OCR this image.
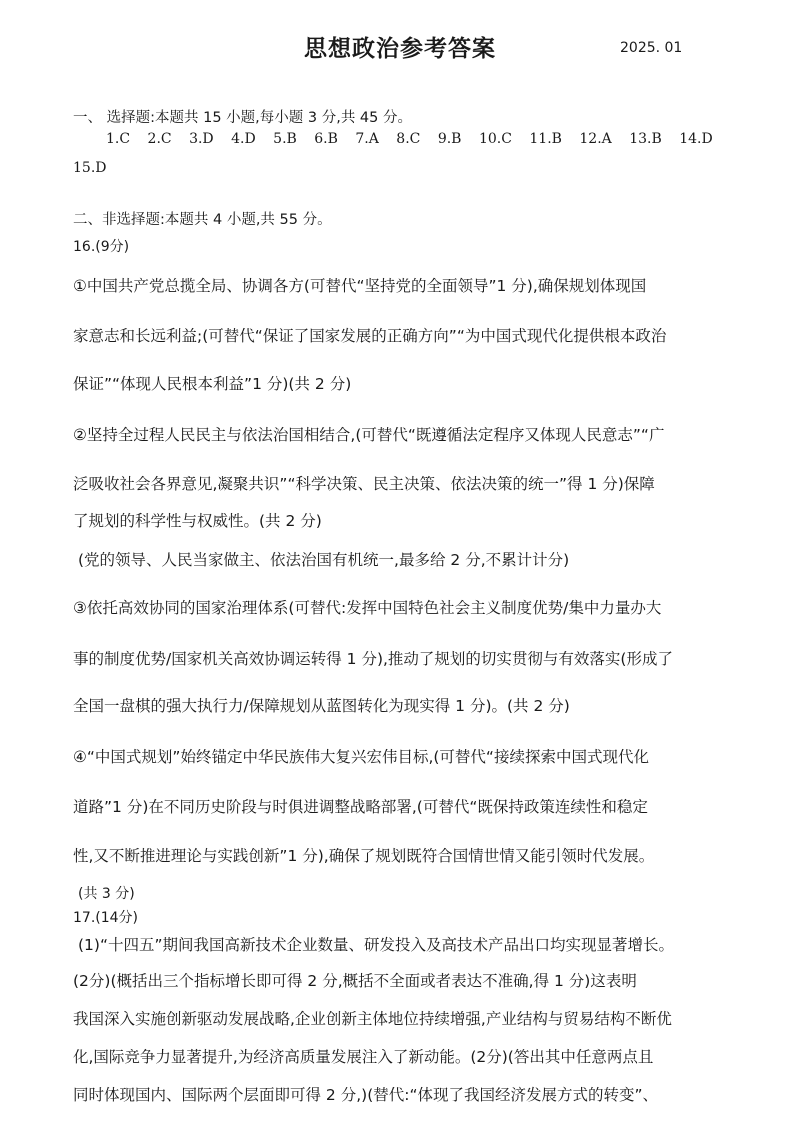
思想政治参考答案	2025. 01
一、 选择题:本题共 15 小题,每小题 3 分,共 45 分。
1.C 2.C 3.D 4.D 5.B 6.B 7.A 8.C 9.B 10.C 11.B 12.A 13.B 14.D
15.D
二、非选择题:本题共 4 小题,共 55 分。
16.(9分)
①中国共产党总揽全局、协调各方(可替代“坚持党的全面领导”1 分),确保规划体现国
家意志和长远利益;(可替代“保证了国家发展的正确方向”“为中国式现代化提供根本政治
保证”“体现人民根本利益”1 分)(共 2 分)
②坚持全过程人民民主与依法治国相结合,(可替代“既遵循法定程序又体现人民意志”“广
泛吸收社会各界意见,凝聚共识”“科学决策、民主决策、依法决策的统一”得 1 分)保障
了规划的科学性与权威性。(共 2 分)
(党的领导、人民当家做主、依法治国有机统一,最多给 2 分,不累计计分)
③依托高效协同的国家治理体系(可替代:发挥中国特色社会主义制度优势/集中力量办大
事的制度优势/国家机关高效协调运转得 1 分),推动了规划的切实贯彻与有效落实(形成了
全国一盘棋的强大执行力/保障规划从蓝图转化为现实得 1 分)。(共 2 分)
④“中国式规划”始终锚定中华民族伟大复兴宏伟目标,(可替代“接续探索中国式现代化
道路”1 分)在不同历史阶段与时俱进调整战略部署,(可替代“既保持政策连续性和稳定
性,又不断推进理论与实践创新”1 分),确保了规划既符合国情世情又能引领时代发展。
(共 3 分)
17.(14分)
(1)“十四五”期间我国高新技术企业数量、研发投入及高技术产品出口均实现显著增长。
(2分)(概括出三个指标增长即可得 2 分,概括不全面或者表达不准确,得 1 分)这表明
我国深入实施创新驱动发展战略,企业创新主体地位持续增强,产业结构与贸易结构不断优
化,国际竞争力显著提升,为经济高质量发展注入了新动能。(2分)(答出其中任意两点且
同时体现国内、国际两个层面即可得 2 分,)(替代:“体现了我国经济发展方式的转变”、
